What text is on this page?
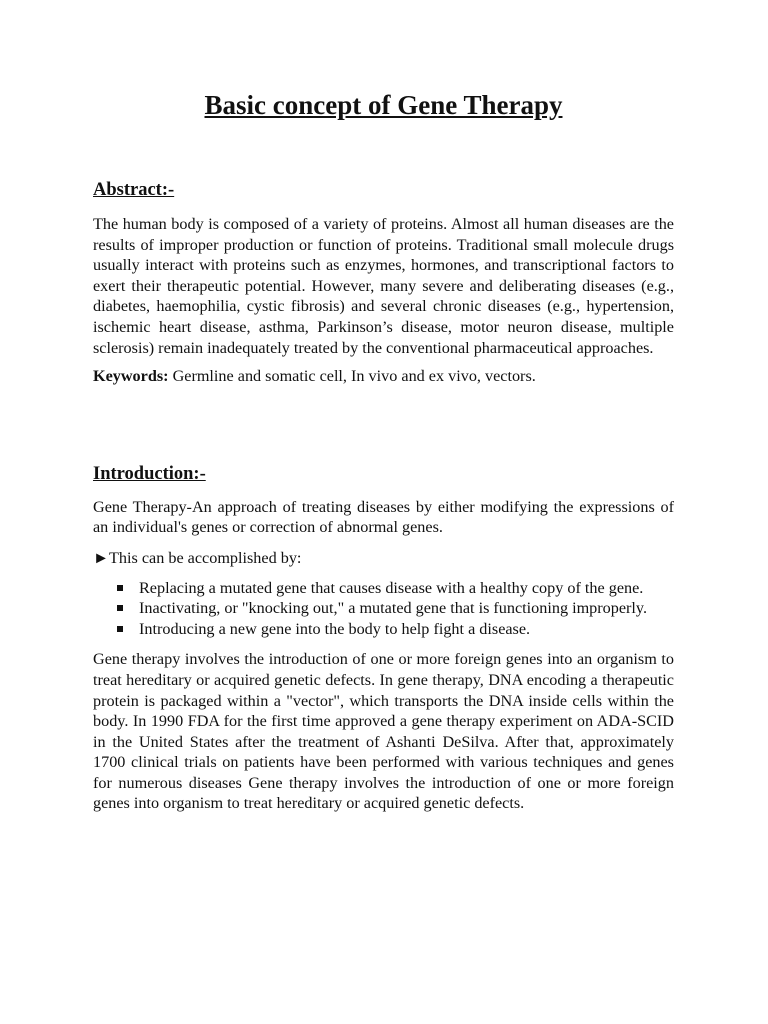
Basic concept of Gene Therapy
Abstract:-

The human body is composed of a variety of proteins. Almost all human diseases are the results of improper production or function of proteins. Traditional small molecule drugs usually interact with proteins such as enzymes, hormones, and transcriptional factors to exert their therapeutic potential. However, many severe and deliberating diseases (e.g., diabetes, haemophilia, cystic fibrosis) and several chronic diseases (e.g., hypertension, ischemic heart disease, asthma, Parkinson’s disease, motor neuron disease, multiple sclerosis) remain inadequately treated by the conventional pharmaceutical approaches.

Keywords: Germline and somatic cell, In vivo and ex vivo, vectors.

Introduction:-

Gene Therapy-An approach of treating diseases by either modifying the expressions of an individual's genes or correction of abnormal genes.

►This can be accomplished by:

Replacing a mutated gene that causes disease with a healthy copy of the gene.
Inactivating, or "knocking out," a mutated gene that is functioning improperly.
Introducing a new gene into the body to help fight a disease.

Gene therapy involves the introduction of one or more foreign genes into an organism to treat hereditary or acquired genetic defects. In gene therapy, DNA encoding a therapeutic protein is packaged within a "vector", which transports the DNA inside cells within the body. In 1990 FDA for the first time approved a gene therapy experiment on ADA-SCID in the United States after the treatment of Ashanti DeSilva. After that, approximately 1700 clinical trials on patients have been performed with various techniques and genes for numerous diseases Gene therapy involves the introduction of one or more foreign genes into organism to treat hereditary or acquired genetic defects.
